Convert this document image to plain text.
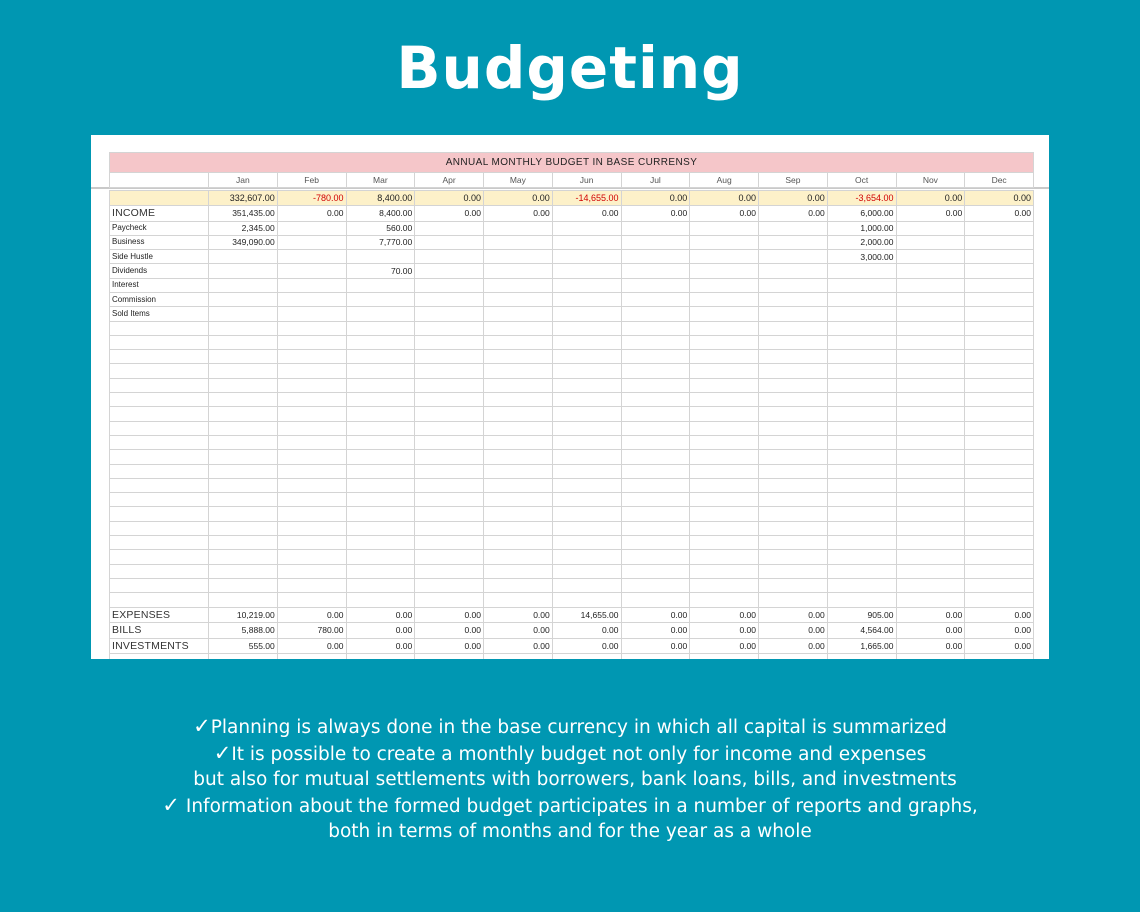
Budgeting
ANNUAL MONTHLY BUDGET IN BASE CURRENSY												
	Jan	Feb	Mar	Apr	May	Jun	Jul	Aug	Sep	Oct	Nov	Dec

	332,607.00	-780.00	8,400.00	0.00	0.00	-14,655.00	0.00	0.00	0.00	-3,654.00	0.00	0.00
INCOME	351,435.00	0.00	8,400.00	0.00	0.00	0.00	0.00	0.00	0.00	6,000.00	0.00	0.00
Paycheck	2,345.00		560.00							1,000.00		
Business	349,090.00		7,770.00							2,000.00		
Side Hustle										3,000.00		
Dividends			70.00									
Interest												
Commission												
Sold Items												

EXPENSES	10,219.00	0.00	0.00	0.00	0.00	14,655.00	0.00	0.00	0.00	905.00	0.00	0.00
BILLS	5,888.00	780.00	0.00	0.00	0.00	0.00	0.00	0.00	0.00	4,564.00	0.00	0.00
INVESTMENTS	555.00	0.00	0.00	0.00	0.00	0.00	0.00	0.00	0.00	1,665.00	0.00	0.00

✓Planning is always done in the base currency in which all capital is summarized
✓It is possible to create a monthly budget not only for income and expenses
but also for mutual settlements with borrowers, bank loans, bills, and investments
✓ Information about the formed budget participates in a number of reports and graphs,
both in terms of months and for the year as a whole
